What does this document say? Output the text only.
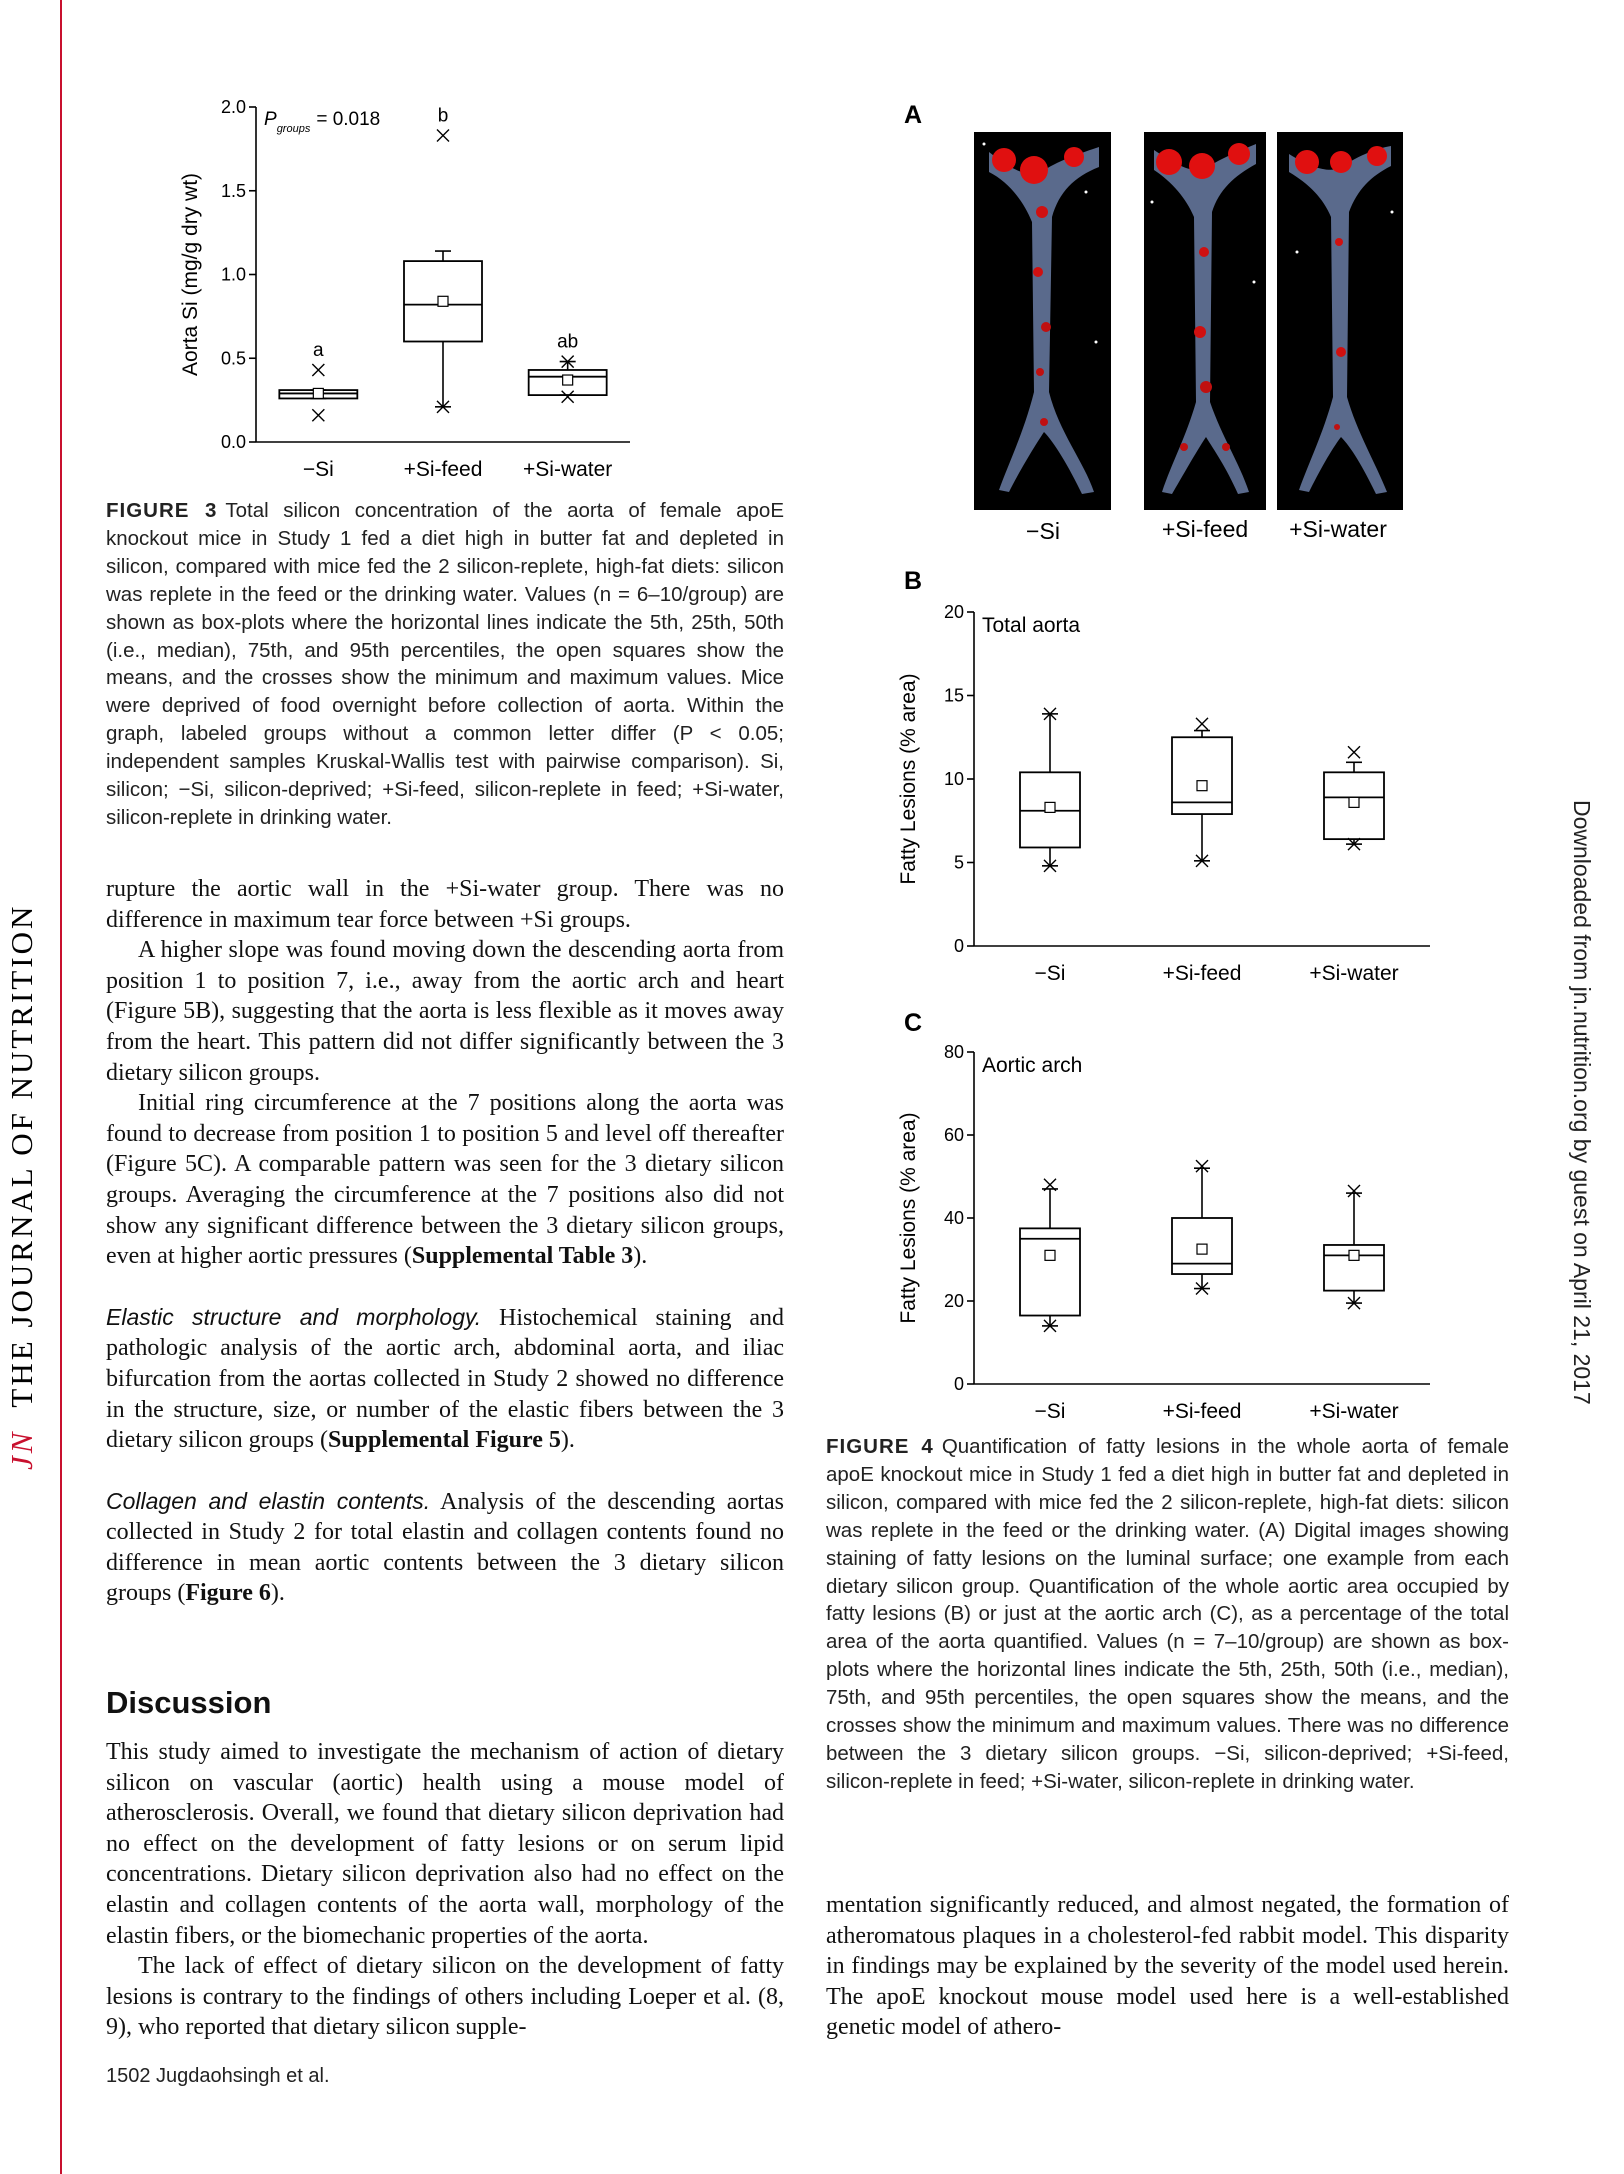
JNTHE JOURNAL OF NUTRITION	Downloaded from jn.nutrition.org by guest on April 21, 2017
0.0
0.5
1.0
1.5
2.0
−Si	+Si-feed +Si-water
Aorta Si (mg/g dry wt)	a
b
ab
$P_{groups} = 0.018$
FIGURE 3 Total silicon concentration of the aorta of female apoE knockout mice in Study 1 fed a diet high in butter fat and depleted in silicon, compared with mice fed the 2 silicon-replete, high-fat diets: silicon was replete in the feed or the drinking water. Values (n = 6–10/group) are shown as box-plots where the horizontal lines indicate the 5th, 25th, 50th (i.e., median), 75th, and 95th percentiles, the open squares show the means, and the crosses show the minimum and maximum values. Mice were deprived of food overnight before collection of aorta. Within the graph, labeled groups without a common letter differ (P < 0.05; independent samples Kruskal-Wallis test with pairwise comparison). Si, silicon; −Si, silicon-deprived; +Si-feed, silicon-replete in feed; +Si-water, silicon-replete in drinking water.

rupture the aortic wall in the +Si-water group. There was no difference in maximum tear force between +Si groups.

A higher slope was found moving down the descending aorta from position 1 to position 7, i.e., away from the aortic arch and heart (Figure 5B), suggesting that the aorta is less flexible as it moves away from the heart. This pattern did not differ significantly between the 3 dietary silicon groups.

Initial ring circumference at the 7 positions along the aorta was found to decrease from position 1 to position 5 and level off thereafter (Figure 5C). A comparable pattern was seen for the 3 dietary silicon groups. Averaging the circumference at the 7 positions also did not show any significant difference between the 3 dietary silicon groups, even at higher aortic pressures (Supplemental Table 3).

Elastic structure and morphology. Histochemical staining and pathologic analysis of the aortic arch, abdominal aorta, and iliac bifurcation from the aortas collected in Study 2 showed no difference in the structure, size, or number of the elastic fibers between the 3 dietary silicon groups (Supplemental Figure 5).

Collagen and elastin contents. Analysis of the descending aortas collected in Study 2 for total elastin and collagen contents found no difference in mean aortic contents between the 3 dietary silicon groups (Figure 6).

Discussion

This study aimed to investigate the mechanism of action of dietary silicon on vascular (aortic) health using a mouse model of atherosclerosis. Overall, we found that dietary silicon deprivation had no effect on the development of fatty lesions or on serum lipid concentrations. Dietary silicon deprivation also had no effect on the elastin and collagen contents of the aorta wall, morphology of the elastin fibers, or the biomechanic properties of the aorta.

The lack of effect of dietary silicon on the development of fatty lesions is contrary to the findings of others including Loeper et al. (8, 9), who reported that dietary silicon supple-

1502 Jugdaohsingh et al.
A
−Si	+Si-feed +Si-water
B
0
5
10
15
20
−Si	+Si-feed	+Si-water
Fatty Lesions (% area)
Total aorta
C
0
20
40
60
80
−Si	+Si-feed	+Si-water
Fatty Lesions (% area)
Aortic arch
FIGURE 4 Quantification of fatty lesions in the whole aorta of female apoE knockout mice in Study 1 fed a diet high in butter fat and depleted in silicon, compared with mice fed the 2 silicon-replete, high-fat diets: silicon was replete in the feed or the drinking water. (A) Digital images showing staining of fatty lesions on the luminal surface; one example from each dietary silicon group. Quantification of the whole aortic area occupied by fatty lesions (B) or just at the aortic arch (C), as a percentage of the total area of the aorta quantified. Values (n = 7–10/group) are shown as box-plots where the horizontal lines indicate the 5th, 25th, 50th (i.e., median), 75th, and 95th percentiles, the open squares show the means, and the crosses show the minimum and maximum values. There was no difference between the 3 dietary silicon groups. −Si, silicon-deprived; +Si-feed, silicon-replete in feed; +Si-water, silicon-replete in drinking water.

mentation significantly reduced, and almost negated, the formation of atheromatous plaques in a cholesterol-fed rabbit model. This disparity in findings may be explained by the severity of the model used herein. The apoE knockout mouse model used here is a well-established genetic model of athero-
